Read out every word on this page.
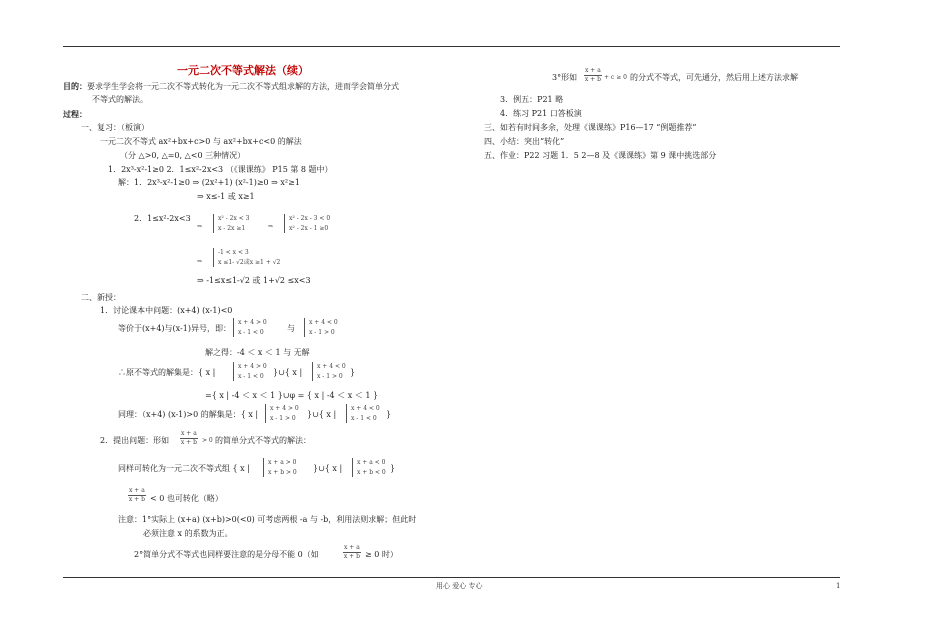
一元二次不等式解法（续）
目的：要求学生学会将一元二次不等式转化为一元二次不等式组求解的方法，进而学会简单分式
不等式的解法。
过程：
一、复习：（板演）
一元二次不等式 ax²+bx+c>0 与 ax²+bx+c<0 的解法
（分 △>0, △=0, △<0 三种情况）
1．2x³-x²-1≥0 2．1≤x²-2x<3 （《课课练》 P15 第 8 题中）
解：1．2x³-x²-1≥0 ⇒ (2x²+1) (x²-1)≥0 ⇒ x²≥1
⇒ x≤-1 或 x≥1
2．1≤x²-2x<3
⇒
x² - 2x < 3
x - 2x ≥1	⇒
x² - 2x - 3 < 0
x² - 2x - 1 ≥0
⇒
-1 < x < 3
x ≤1- √2或x ≥1 + √2
⇒ -1≤x≤1-√2 或 1+√2 ≤x<3
二、新授：
1．讨论课本中问题：(x+4) (x-1)<0
等价于(x+4)与(x-1)异号，即：
x + 4 > 0
x - 1 < 0	与
x + 4 < 0
x - 1 > 0
解之得：-4 ＜ x ＜ 1 与 无解
∴原不等式的解集是：{ x |
x + 4 > 0
x - 1 < 0	}∪{ x |
x + 4 < 0
x - 1 > 0 }
={ x | -4 ＜ x ＜ 1 }∪φ = { x | -4 ＜ x ＜ 1 }
同理：（x+4) (x-1)>0 的解集是：{ x |
x + 4 > 0
x - 1 > 0	}∪{ x |
x + 4 < 0
x - 1 < 0	}
2．提出问题：形如 $\frac{x + a}{x + b} > 0$ 的简单分式不等式的解法：
同样可转化为一元二次不等式组 { x |
x + a > 0
x + b > 0 }∪{ x |
x + a < 0
x + b < 0 }
$\frac{x + a}{x + b} < 0$ 也可转化（略）
注意：1°实际上 (x+a) (x+b)>0(<0) 可考虑两根 -a 与 -b，利用法则求解；但此时
必须注意 x 的系数为正。
2°简单分式不等式也同样要注意的是分母不能 0（如	$\frac{x + a}{x + b} \ge 0$ 时）
3°形如 $\frac{x + a}{x + b} + c \ge 0$ 的分式不等式，可先通分，然后用上述方法求解
3．例五：P21 略
4．练习 P21 口答板演
三、如若有时间多余，处理《课课练》P16—17 “例题推荐”
四、小结：突出“转化”
五、作业：P22 习题 1．5 2—8 及《课课练》第 9 课中挑选部分
用心 爱心 专心	1
